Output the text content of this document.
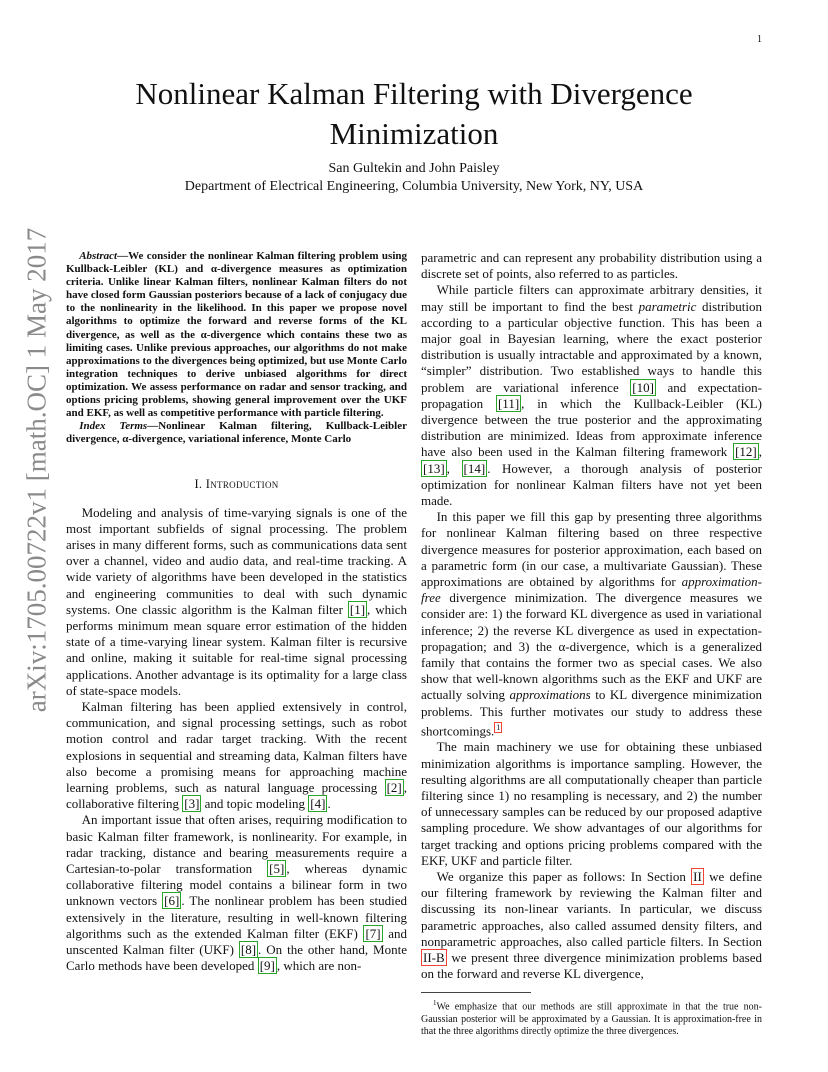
1
arXiv:1705.00722v1 [math.OC] 1 May 2017
Nonlinear Kalman Filtering with Divergence Minimization
San Gultekin and John Paisley
Department of Electrical Engineering, Columbia University, New York, NY, USA

Abstract—We consider the nonlinear Kalman filtering problem using Kullback-Leibler (KL) and α-divergence measures as optimization criteria. Unlike linear Kalman filters, nonlinear Kalman filters do not have closed form Gaussian posteriors because of a lack of conjugacy due to the nonlinearity in the likelihood. In this paper we propose novel algorithms to optimize the forward and reverse forms of the KL divergence, as well as the α-divergence which contains these two as limiting cases. Unlike previous approaches, our algorithms do not make approximations to the divergences being optimized, but use Monte Carlo integration techniques to derive unbiased algorithms for direct optimization. We assess performance on radar and sensor tracking, and options pricing problems, showing general improvement over the UKF and EKF, as well as competitive performance with particle filtering.

Index Terms—Nonlinear Kalman filtering, Kullback-Leibler divergence, α-divergence, variational inference, Monte Carlo

I. Introduction

Modeling and analysis of time-varying signals is one of the most important subfields of signal processing. The problem arises in many different forms, such as communications data sent over a channel, video and audio data, and real-time tracking. A wide variety of algorithms have been developed in the statistics and engineering communities to deal with such dynamic systems. One classic algorithm is the Kalman filter [1] , which performs minimum mean square error estimation of the hidden state of a time-varying linear system. Kalman filter is recursive and online, making it suitable for real-time signal processing applications. Another advantage is its optimality for a large class of state-space models.

Kalman filtering has been applied extensively in control, communication, and signal processing settings, such as robot motion control and radar target tracking. With the recent explosions in sequential and streaming data, Kalman filters have also become a promising means for approaching machine learning problems, such as natural language processing [2] , collaborative filtering [3] and topic modeling [4] .

An important issue that often arises, requiring modification to basic Kalman filter framework, is nonlinearity. For example, in radar tracking, distance and bearing measurements require a Cartesian-to-polar transformation [5] , whereas dynamic collaborative filtering model contains a bilinear form in two unknown vectors [6] . The nonlinear problem has been studied extensively in the literature, resulting in well-known filtering algorithms such as the extended Kalman filter (EKF) [7] and unscented Kalman filter (UKF) [8] . On the other hand, Monte Carlo methods have been developed [9] , which are non-

parametric and can represent any probability distribution using a discrete set of points, also referred to as particles.

While particle filters can approximate arbitrary densities, it may still be important to find the best parametric distribution according to a particular objective function. This has been a major goal in Bayesian learning, where the exact posterior distribution is usually intractable and approximated by a known, “simpler” distribution. Two established ways to handle this problem are variational inference [10] and expectation-propagation [11] , in which the Kullback-Leibler (KL) divergence between the true posterior and the approximating distribution are minimized. Ideas from approximate inference have also been used in the Kalman filtering framework [12] , [13] , [14] . However, a thorough analysis of posterior optimization for nonlinear Kalman filters have not yet been made.

In this paper we fill this gap by presenting three algorithms for nonlinear Kalman filtering based on three respective divergence measures for posterior approximation, each based on a parametric form (in our case, a multivariate Gaussian). These approximations are obtained by algorithms for approximation-free divergence minimization. The divergence measures we consider are: 1) the forward KL divergence as used in variational inference; 2) the reverse KL divergence as used in expectation-propagation; and 3) the α-divergence, which is a generalized family that contains the former two as special cases. We also show that well-known algorithms such as the EKF and UKF are actually solving approximations to KL divergence minimization problems. This further motivates our study to address these shortcomings. $^1$

The main machinery we use for obtaining these unbiased minimization algorithms is importance sampling. However, the resulting algorithms are all computationally cheaper than particle filtering since 1) no resampling is necessary, and 2) the number of unnecessary samples can be reduced by our proposed adaptive sampling procedure. We show advantages of our algorithms for target tracking and options pricing problems compared with the EKF, UKF and particle filter.

We organize this paper as follows: In Section II we define our filtering framework by reviewing the Kalman filter and discussing its non-linear variants. In particular, we discuss parametric approaches, also called assumed density filters, and nonparametric approaches, also called particle filters. In Section II-B we present three divergence minimization problems based on the forward and reverse KL divergence,

$^1$We emphasize that our methods are still approximate in that the true non-Gaussian posterior will be approximated by a Gaussian. It is approximation-free in that the three algorithms directly optimize the three divergences.
